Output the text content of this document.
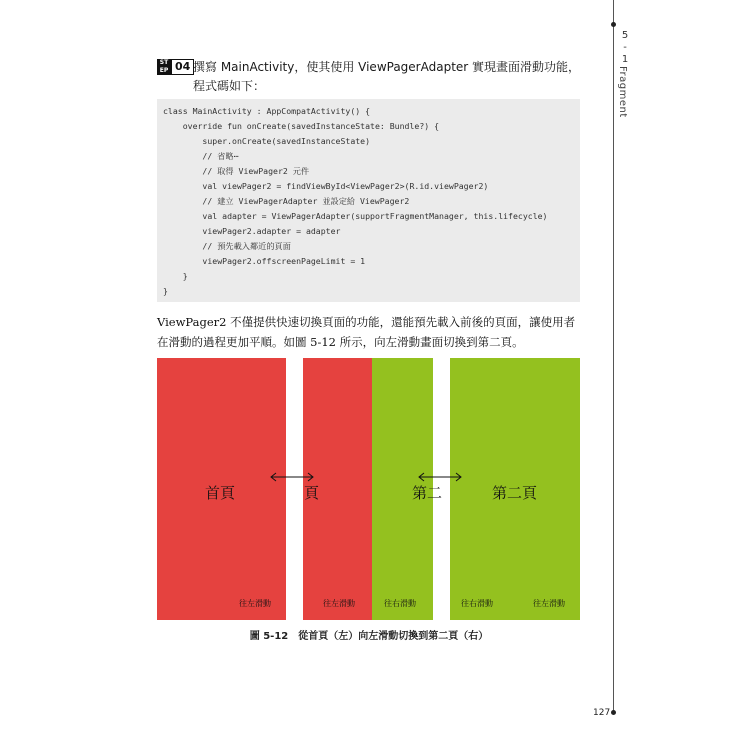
5
-
1
Fragment
ST
EP 04 撰寫 MainActivity，使其使用 ViewPagerAdapter 實現畫面滑動功能，程式碼如下：
class MainActivity : AppCompatActivity() {
override fun onCreate(savedInstanceState: Bundle?) {
super.onCreate(savedInstanceState)
// 省略⋯
// 取得 ViewPager2 元件
val viewPager2 = findViewById<ViewPager2>(R.id.viewPager2)
// 建立 ViewPagerAdapter 並設定給 ViewPager2
val adapter = ViewPagerAdapter(supportFragmentManager, this.lifecycle)
viewPager2.adapter = adapter
// 預先載入鄰近的頁面
viewPager2.offscreenPageLimit = 1
}
}
ViewPager2 不僅提供快速切換頁面的功能，還能預先載入前後的頁面，讓使用者在滑動的過程更加平順。如圖 5-12 所示，向左滑動畫面切換到第二頁。
首頁	頁	第二	第二頁
往左滑動	往左滑動	往右滑動	往右滑動	往左滑動
圖 5-12　從首頁（左）向左滑動切換到第二頁（右）
127
